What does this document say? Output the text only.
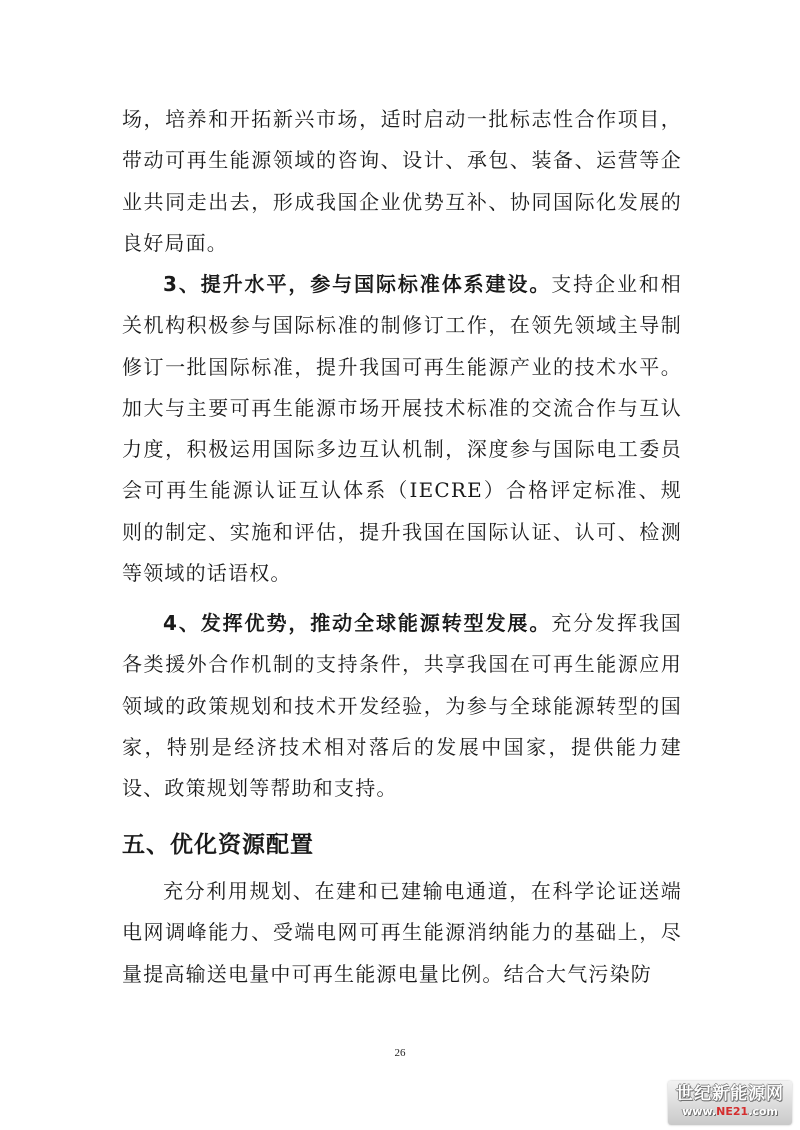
场，培养和开拓新兴市场，适时启动一批标志性合作项目，带动可再生能源领域的咨询、设计、承包、装备、运营等企业共同走出去，形成我国企业优势互补、协同国际化发展的良好局面。

3、提升水平，参与国际标准体系建设。支持企业和相关机构积极参与国际标准的制修订工作，在领先领域主导制修订一批国际标准，提升我国可再生能源产业的技术水平。加大与主要可再生能源市场开展技术标准的交流合作与互认力度，积极运用国际多边互认机制，深度参与国际电工委员会可再生能源认证互认体系（IECRE）合格评定标准、规则的制定、实施和评估，提升我国在国际认证、认可、检测等领域的话语权。

4、发挥优势，推动全球能源转型发展。充分发挥我国各类援外合作机制的支持条件，共享我国在可再生能源应用领域的政策规划和技术开发经验，为参与全球能源转型的国家，特别是经济技术相对落后的发展中国家，提供能力建设、政策规划等帮助和支持。

五、优化资源配置

充分利用规划、在建和已建输电通道，在科学论证送端电网调峰能力、受端电网可再生能源消纳能力的基础上，尽量提高输送电量中可再生能源电量比例。结合大气污染防

26
世纪新能源网
www.NE21.com
